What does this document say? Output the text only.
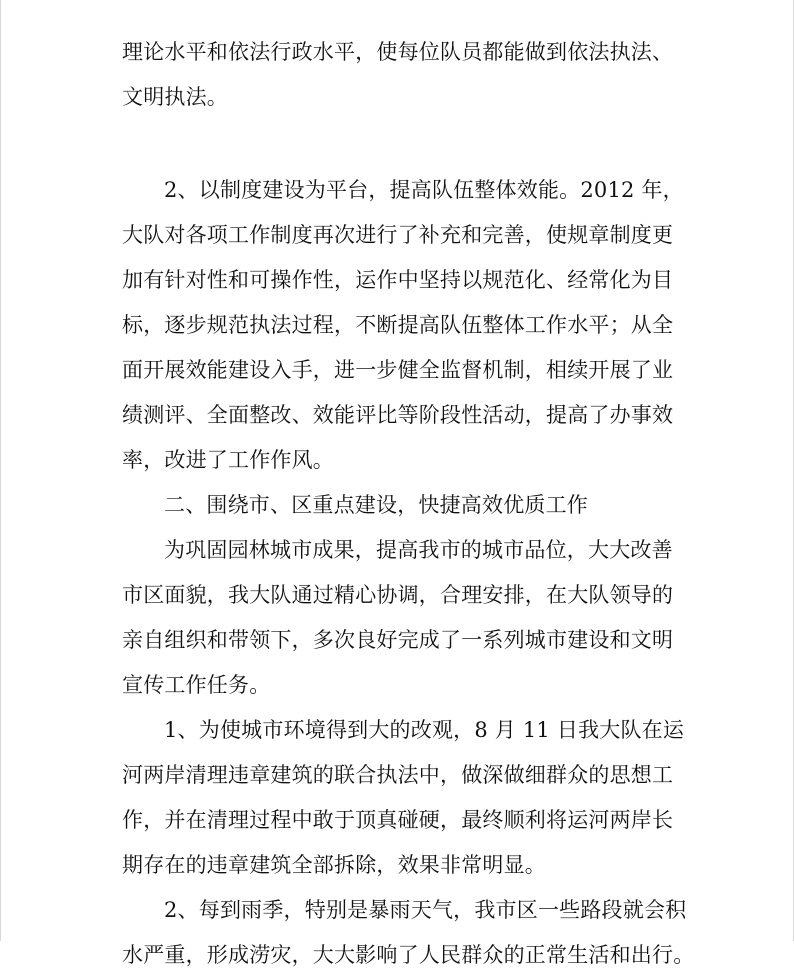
理论水平和依法行政水平，使每位队员都能做到依法执法、
文明执法。
2、以制度建设为平台，提高队伍整体效能。2012 年，
大队对各项工作制度再次进行了补充和完善，使规章制度更
加有针对性和可操作性，运作中坚持以规范化、经常化为目
标，逐步规范执法过程，不断提高队伍整体工作水平；从全
面开展效能建设入手，进一步健全监督机制，相续开展了业
绩测评、全面整改、效能评比等阶段性活动，提高了办事效
率，改进了工作作风。
二、围绕市、区重点建设，快捷高效优质工作
为巩固园林城市成果，提高我市的城市品位，大大改善
市区面貌，我大队通过精心协调，合理安排，在大队领导的
亲自组织和带领下，多次良好完成了一系列城市建设和文明
宣传工作任务。
1、为使城市环境得到大的改观，8 月 11 日我大队在运
河两岸清理违章建筑的联合执法中，做深做细群众的思想工
作，并在清理过程中敢于顶真碰硬，最终顺利将运河两岸长
期存在的违章建筑全部拆除，效果非常明显。
2、每到雨季，特别是暴雨天气，我市区一些路段就会积
水严重，形成涝灾，大大影响了人民群众的正常生活和出行。
